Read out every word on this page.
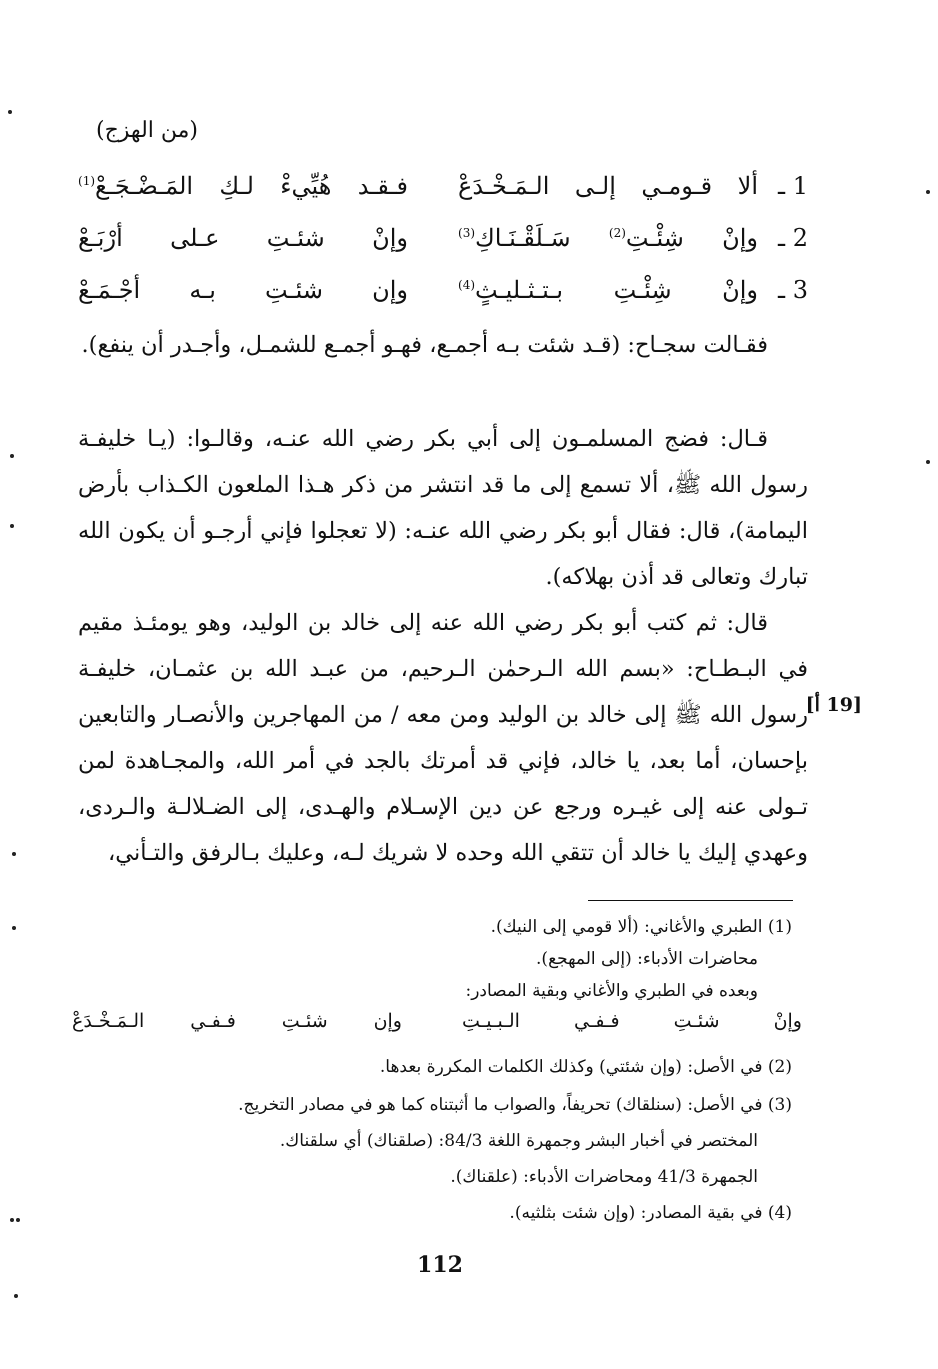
(من الهزج)
1 ـ
ألا قـومـي إلـى الـمَـخْـدَعْ
فـقـد هُيِّيءْ لـكِ المَـضْـجَـعْ$^{(1)}$
2 ـ
وإنْ شِئْـتِ$^{(2)}$ سَـلَقْـنَـاكِ$^{(3)}$
وإنْ شئـتِ عـلى أرْبَـعْ
3 ـ
وإنْ شِئْـتِ بـتـثـليـثٍ$^{(4)}$
وإن شئـتِ بـه أجْـمَـعْ

فقـالت سجـاح: (قـد شئت بـه أجمـع، فهـو أجمـع للشمـل، وأجـدر أن ينفع).

قـال: فضج المسلمـون إلى أبي بكر رضي الله عنـه، وقالـوا: (يـا خليفـة رسول الله ﷺ، ألا تسمع إلى ما قد انتشر من ذكر هـذا الملعون الكـذاب بأرض اليمامة)، قال: فقال أبو بكر رضي الله عنـه: (لا تعجلوا فإني أرجـو أن يكون الله تبارك وتعالى قد أذن بهلاكه).

قال: ثم كتب أبو بكر رضي الله عنه إلى خالد بن الوليد، وهو يومئـذ مقيم في البـطـاح: «بسم الله الـرحمٰن الـرحيم، من عبـد الله بن عثمـان، خليفـة رسول الله ﷺ إلى خالد بن الوليد ومن معه / من المهاجرين والأنصـار والتابعين بإحسان، أما بعد، يا خالد، فإني قد أمرتك بالجد في أمر الله، والمجـاهدة لمن تـولى عنه إلى غيـره ورجع عن دين الإسـلام والهـدى، إلى الضـلالـة والـردى، وعهدي إليك يا خالد أن تتقي الله وحده لا شريك لـه، وعليك بـالرفق والتـأني،

[19 أ]
(1) الطبري والأغاني: (ألا قومي إلى النيك).
محاضرات الأدباء: (إلى المهجع).
وبعده في الطبري والأغاني وبقية المصادر:
وإنْ شئـتِ فـفـي الـبـيـتِ
وإن شئـتِ فـفـي الـمَـخْـدَعْ
(2) في الأصل: (وإن شئتي) وكذلك الكلمات المكررة بعدها.
(3) في الأصل: (سنلقاك) تحريفاً، والصواب ما أثبتناه كما هو في مصادر التخريج.
المختصر في أخبار البشر وجمهرة اللغة 84/3: (صلقناك) أي سلقناك.
الجمهرة 41/3 ومحاضرات الأدباء: (علقناك).
(4) في بقية المصادر: (وإن شئت بثلثيه).
112
